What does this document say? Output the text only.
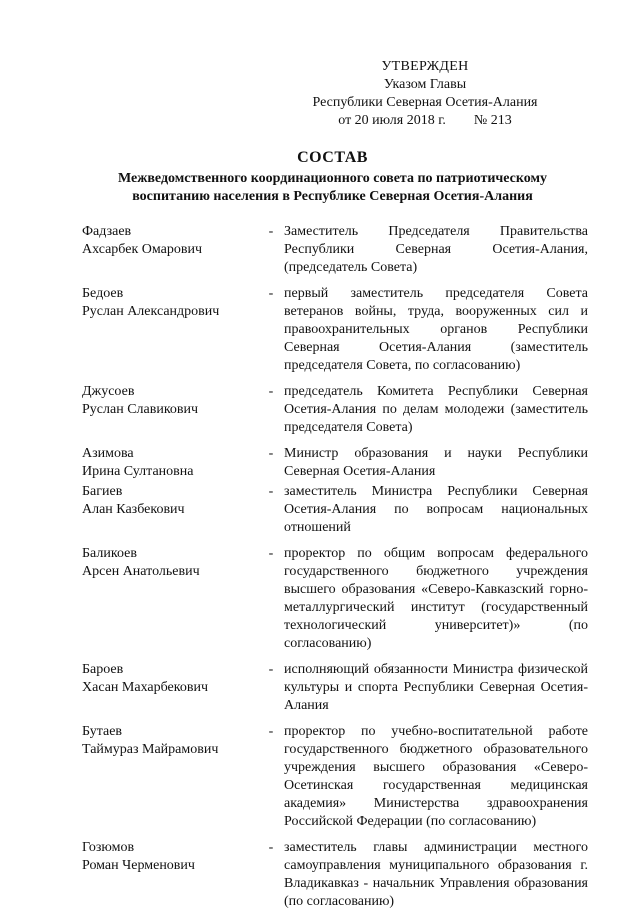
УТВЕРЖДЕН
Указом Главы
Республики Северная Осетия-Алания
от 20 июля 2018 г. № 213
СОСТАВ
Межведомственного координационного совета по патриотическому
воспитанию населения в Республике Северная Осетия-Алания
Фадзаев
Ахсарбек Омарович
- Заместитель Председателя Правительства Республики Северная Осетия-Алания, (председатель Совета)
Бедоев
Руслан Александрович
- первый заместитель председателя Совета ветеранов войны, труда, вооруженных сил и правоохранительных органов Республики Северная Осетия-Алания (заместитель председателя Совета, по согласованию)
Джусоев
Руслан Славикович
- председатель Комитета Республики Северная Осетия-Алания по делам молодежи (заместитель председателя Совета)
Азимова
Ирина Султановна
- Министр образования и науки Республики Северная Осетия-Алания
Багиев
Алан Казбекович
- заместитель Министра Республики Северная Осетия-Алания по вопросам национальных отношений
Баликоев
Арсен Анатольевич
- проректор по общим вопросам федерального государственного бюджетного учреждения высшего образования «Северо-Кавказский горно-металлургический институт (государственный технологический университет)» (по согласованию)
Бароев
Хасан Махарбекович
- исполняющий обязанности Министра физической культуры и спорта Республики Северная Осетия-Алания
Бутаев
Таймураз Майрамович
- проректор по учебно-воспитательной работе государственного бюджетного образовательного учреждения высшего образования «Северо-Осетинская государственная медицинская академия» Министерства здравоохранения Российской Федерации (по согласованию)
Гозюмов
Роман Черменович
- заместитель главы администрации местного самоуправления муниципального образования г. Владикавказ - начальник Управления образования (по согласованию)
